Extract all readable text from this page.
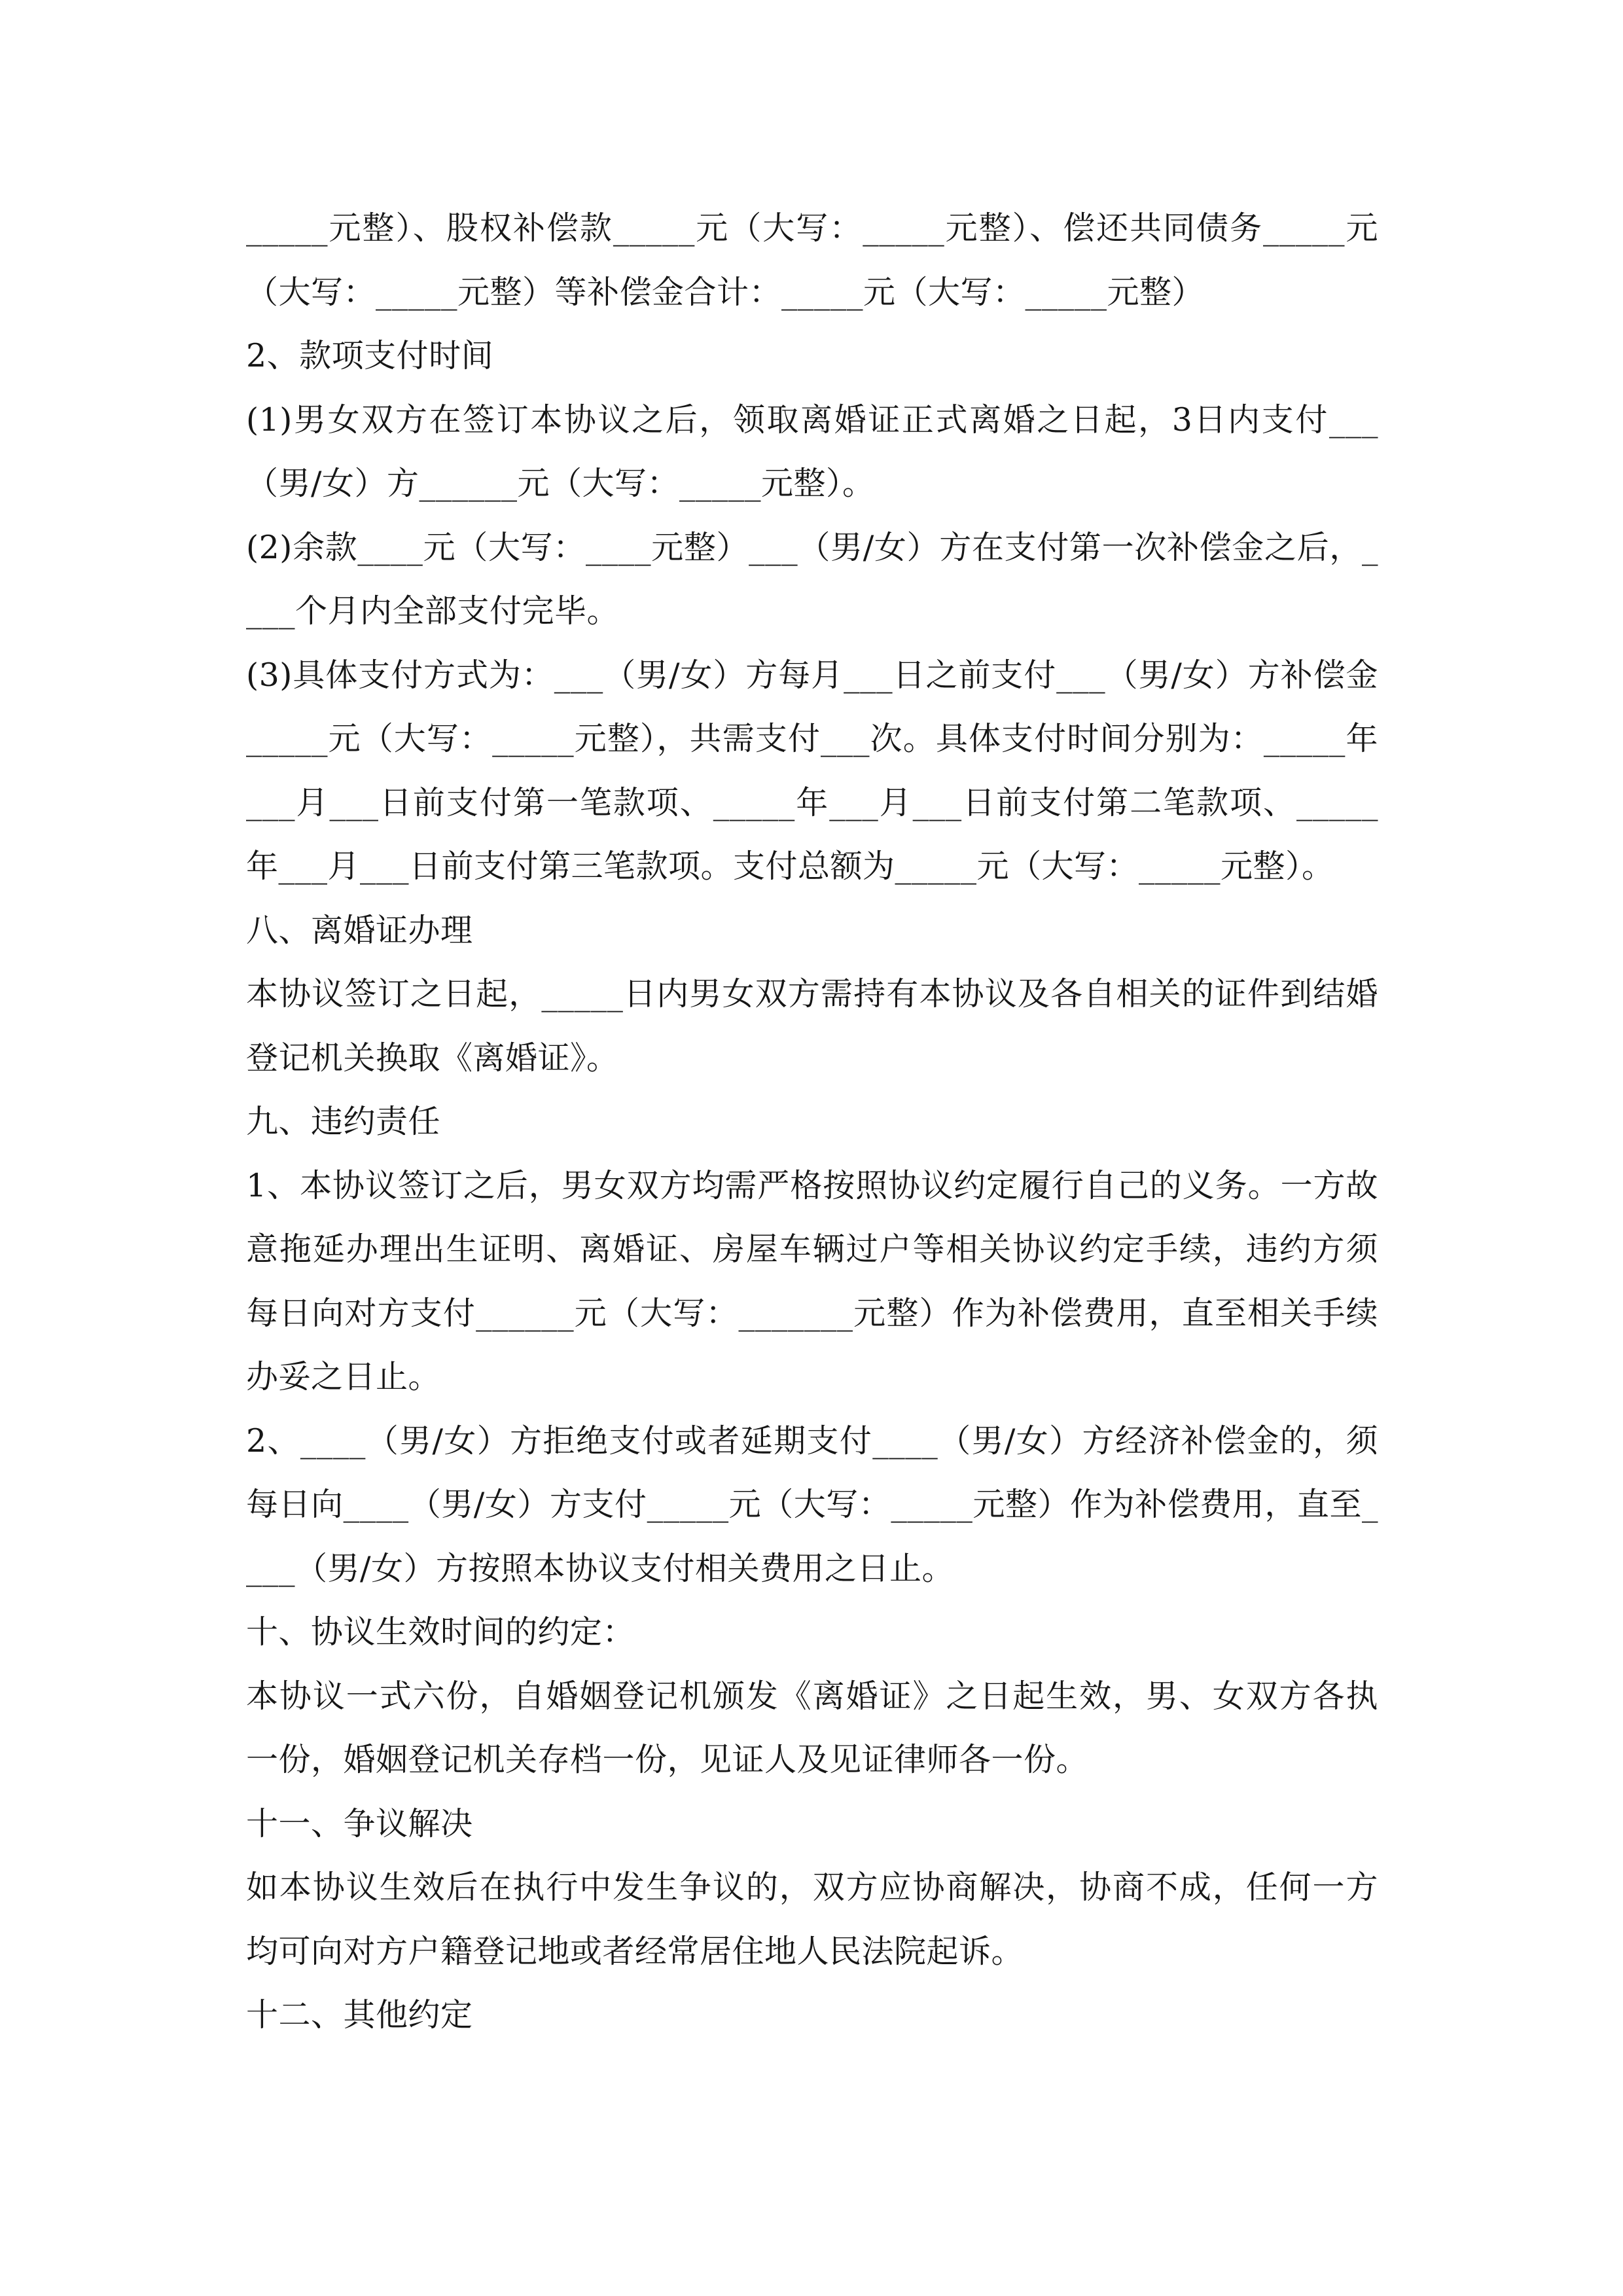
_____元整）、股权补偿款_____元（大写：_____元整）、偿还共同债务_____元（大写：_____元整）等补偿金合计：_____元（大写：_____元整）

2、款项支付时间

(1)男女双方在签订本协议之后，领取离婚证正式离婚之日起，3日内支付___（男/女）方______元（大写：_____元整）。

(2)余款____元（大写：____元整）___（男/女）方在支付第一次补偿金之后，____个月内全部支付完毕。

(3)具体支付方式为：___（男/女）方每月___日之前支付___（男/女）方补偿金_____元（大写：_____元整），共需支付___次。具体支付时间分别为：_____年___月___日前支付第一笔款项、_____年___月___日前支付第二笔款项、_____年___月___日前支付第三笔款项。支付总额为_____元（大写：_____元整）。

八、离婚证办理

本协议签订之日起，_____日内男女双方需持有本协议及各自相关的证件到结婚登记机关换取《离婚证》。

九、违约责任

1、本协议签订之后，男女双方均需严格按照协议约定履行自己的义务。一方故意拖延办理出生证明、离婚证、房屋车辆过户等相关协议约定手续，违约方须每日向对方支付______元（大写：_______元整）作为补偿费用，直至相关手续办妥之日止。

2、____（男/女）方拒绝支付或者延期支付____（男/女）方经济补偿金的，须每日向____（男/女）方支付_____元（大写：_____元整）作为补偿费用，直至____（男/女）方按照本协议支付相关费用之日止。

十、协议生效时间的约定：

本协议一式六份，自婚姻登记机颁发《离婚证》之日起生效，男、女双方各执一份，婚姻登记机关存档一份，见证人及见证律师各一份。

十一、争议解决

如本协议生效后在执行中发生争议的，双方应协商解决，协商不成，任何一方均可向对方户籍登记地或者经常居住地人民法院起诉。

十二、其他约定
